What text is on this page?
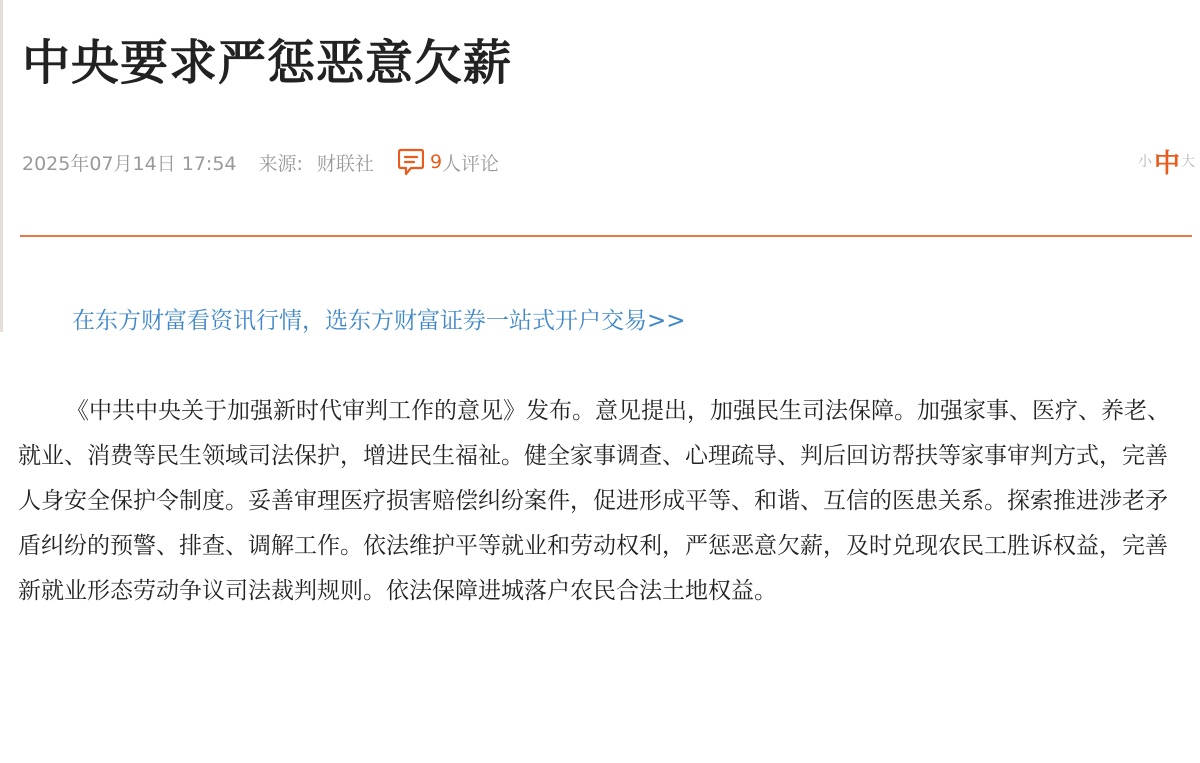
中央要求严惩恶意欠薪
2025年07月14日 17:54 来源: 财联社	9 人评论	小 中 大
在东方财富看资讯行情，选东方财富证券一站式开户交易>>

《中共中央关于加强新时代审判工作的意见》发布。意见提出，加强民生司法保障。加强家事、医疗、养老、就业、消费等民生领域司法保护，增进民生福祉。健全家事调查、心理疏导、判后回访帮扶等家事审判方式，完善人身安全保护令制度。妥善审理医疗损害赔偿纠纷案件，促进形成平等、和谐、互信的医患关系。探索推进涉老矛盾纠纷的预警、排查、调解工作。依法维护平等就业和劳动权利，严惩恶意欠薪，及时兑现农民工胜诉权益，完善新就业形态劳动争议司法裁判规则。依法保障进城落户农民合法土地权益。
